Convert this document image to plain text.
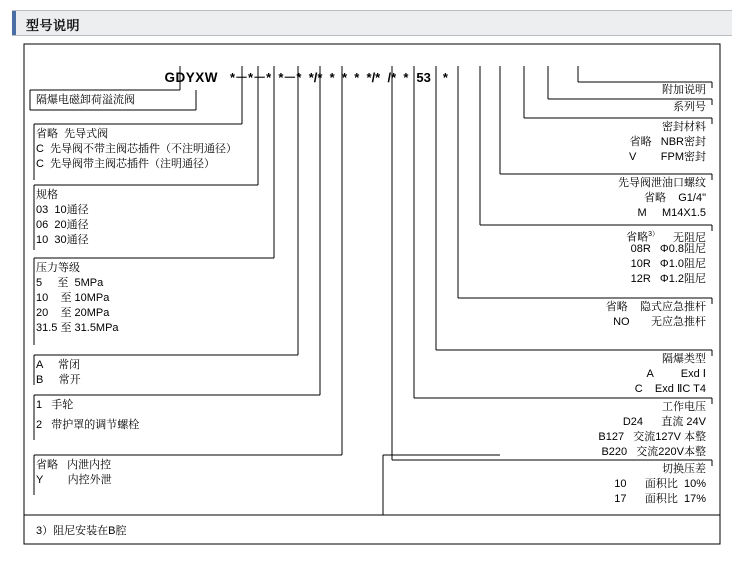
型号说明

GDYXW *－*－*  *－*  */*  *  *  *  */*  /*  * 53 *

隔爆电磁卸荷溢流阀
省略  先导式阀
C  先导阀不带主阀芯插件（不注明通径）
C  先导阀带主阀芯插件（注明通径）
规格
03  10通径
06  20通径
10  30通径
压力等级
5     至  5MPa
10    至 10MPa
20    至 20MPa
31.5 至 31.5MPa
A     常闭
B     常开
1   手轮
2   带护罩的调节螺栓
省略   内泄内控
Y        内控外泄
附加说明
系列号
密封材料
省略   NBR密封
V        FPM密封
先导阀泄油口螺纹
省略    G1/4"
M     M14X1.5
省略$^{3)}$ 无阻尼
08R   Φ0.8阻尼
10R   Φ1.0阻尼
12R   Φ1.2阻尼
省略    隐式应急推杆
NO       无应急推杆
隔爆类型
A         Exd Ⅰ
C    Exd ⅡC T4
工作电压
D24      直流 24V
B127   交流127V 本整
B220   交流220V本整
切换压差
10      面积比  10%
17      面积比  17%
3）阻尼安装在B腔
